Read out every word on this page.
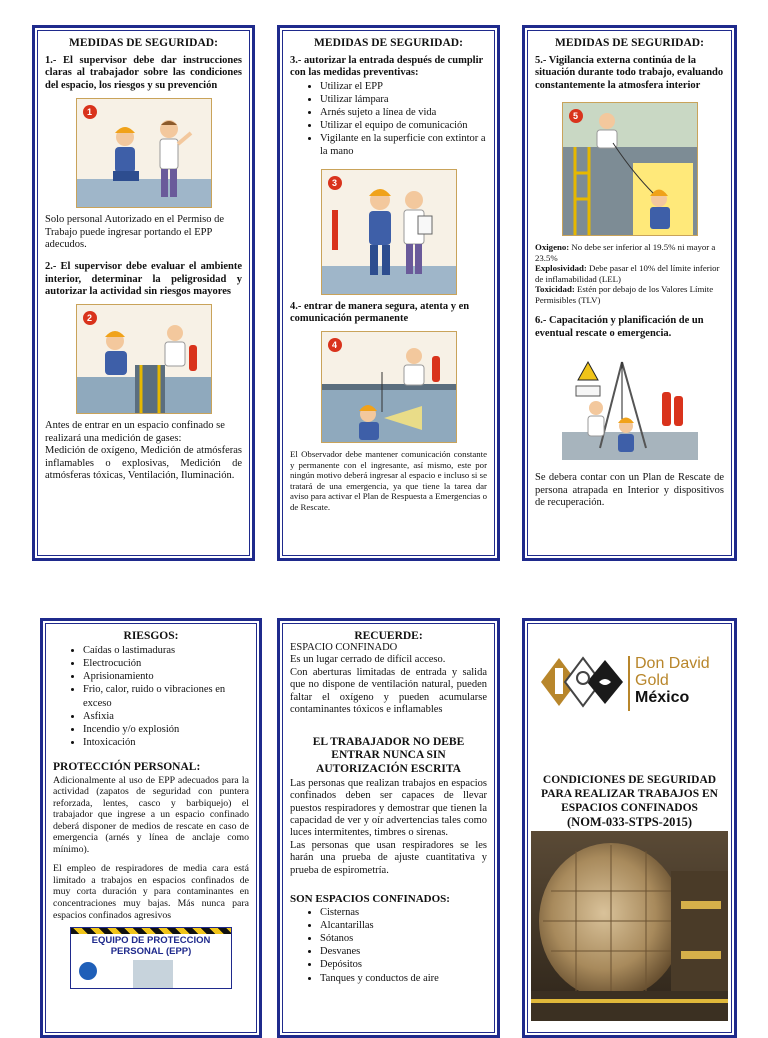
MEDIDAS DE SEGURIDAD:

1.- El supervisor debe dar instrucciones claras al trabajador sobre las condiciones del espacio, los riesgos y su prevención

1

Solo personal Autorizado en el Permiso de Trabajo puede ingresar portando el EPP adecudos.

2.- El supervisor debe evaluar el ambiente interior, determinar la peligrosidad y autorizar la actividad sin riesgos mayores

2

Antes de entrar en un espacio confinado se realizará una medición de gases:

Medición de oxígeno, Medición de atmósferas inflamables o explosivas, Medición de atmósferas tóxicas, Ventilación, Iluminación.

MEDIDAS DE SEGURIDAD:

3.- autorizar la entrada después de cumplir con las medidas preventivas:

• Utilizar el EPP
• Utilizar lámpara
• Arnés sujeto a línea de vida
• Utilizar el equipo de comunicación
• Vigilante en la superficie con extintor a la mano
3

4.- entrar de manera segura, atenta y en comunicación permanente

4

El Observador debe mantener comunicación constante y permanente con el ingresante, así mismo, este por ningún motivo deberá ingresar al espacio e incluso si se tratará de una emergencia, ya que tiene la tarea dar aviso para activar el Plan de Respuesta a Emergencias o de Rescate.

MEDIDAS DE SEGURIDAD:

5.- Vigilancia externa continúa de la situación durante todo trabajo, evaluando constantemente la atmosfera interior

5

Oxigeno: No debe ser inferior al 19.5% ni mayor a 23.5%

Explosividad: Debe pasar el 10% del límite inferior de inflamabilidad (LEL)

Toxicidad: Estén por debajo de los Valores Límite Permisibles (TLV)

6.- Capacitación y planificación de un eventual rescate o emergencia.

Se debera contar con un Plan de Rescate de persona atrapada en Interior y dispositivos de recuperación.

RIESGOS:

• Caídas o lastimaduras
• Electrocución
• Aprisionamiento
• Frio, calor, ruido o vibraciones en exceso
• Asfixia
• Incendio y/o explosión
• Intoxicación

PROTECCIÓN PERSONAL:

Adicionalmente al uso de EPP adecuados para la actividad (zapatos de seguridad con puntera reforzada, lentes, casco y barbiquejo) el trabajador que ingrese a un espacio confinado deberá disponer de medios de rescate en caso de emergencia (arnés y línea de anclaje como mínimo).

El empleo de respiradores de media cara está limitado a trabajos en espacios confinados de muy corta duración y para contaminantes en concentraciones muy bajas. Más nunca para espacios confinados agresivos

EQUIPO DE PROTECCION
PERSONAL (EPP)

RECUERDE:

ESPACIO CONFINADO

Es un lugar cerrado de difícil acceso.

Con aberturas limitadas de entrada y salida que no dispone de ventilación natural, pueden faltar el oxígeno y pueden acumularse contaminantes tóxicos e inflamables

EL TRABAJADOR NO DEBE ENTRAR NUNCA SIN AUTORIZACIÓN ESCRITA

Las personas que realizan trabajos en espacios confinados deben ser capaces de llevar puestos respiradores y demostrar que tienen la capacidad de ver y oír advertencias tales como luces intermitentes, timbres o sirenas.

Las personas que usan respiradores se les harán una prueba de ajuste cuantitativa y prueba de espirometría.

SON ESPACIOS CONFINADOS:

• Cisternas
• Alcantarillas
• Sótanos
• Desvanes
• Depósitos
• Tanques y conductos de aire
Don David
Gold
México
CONDICIONES DE SEGURIDAD PARA REALIZAR TRABAJOS EN ESPACIOS CONFINADOS
(NOM-033-STPS-2015)
